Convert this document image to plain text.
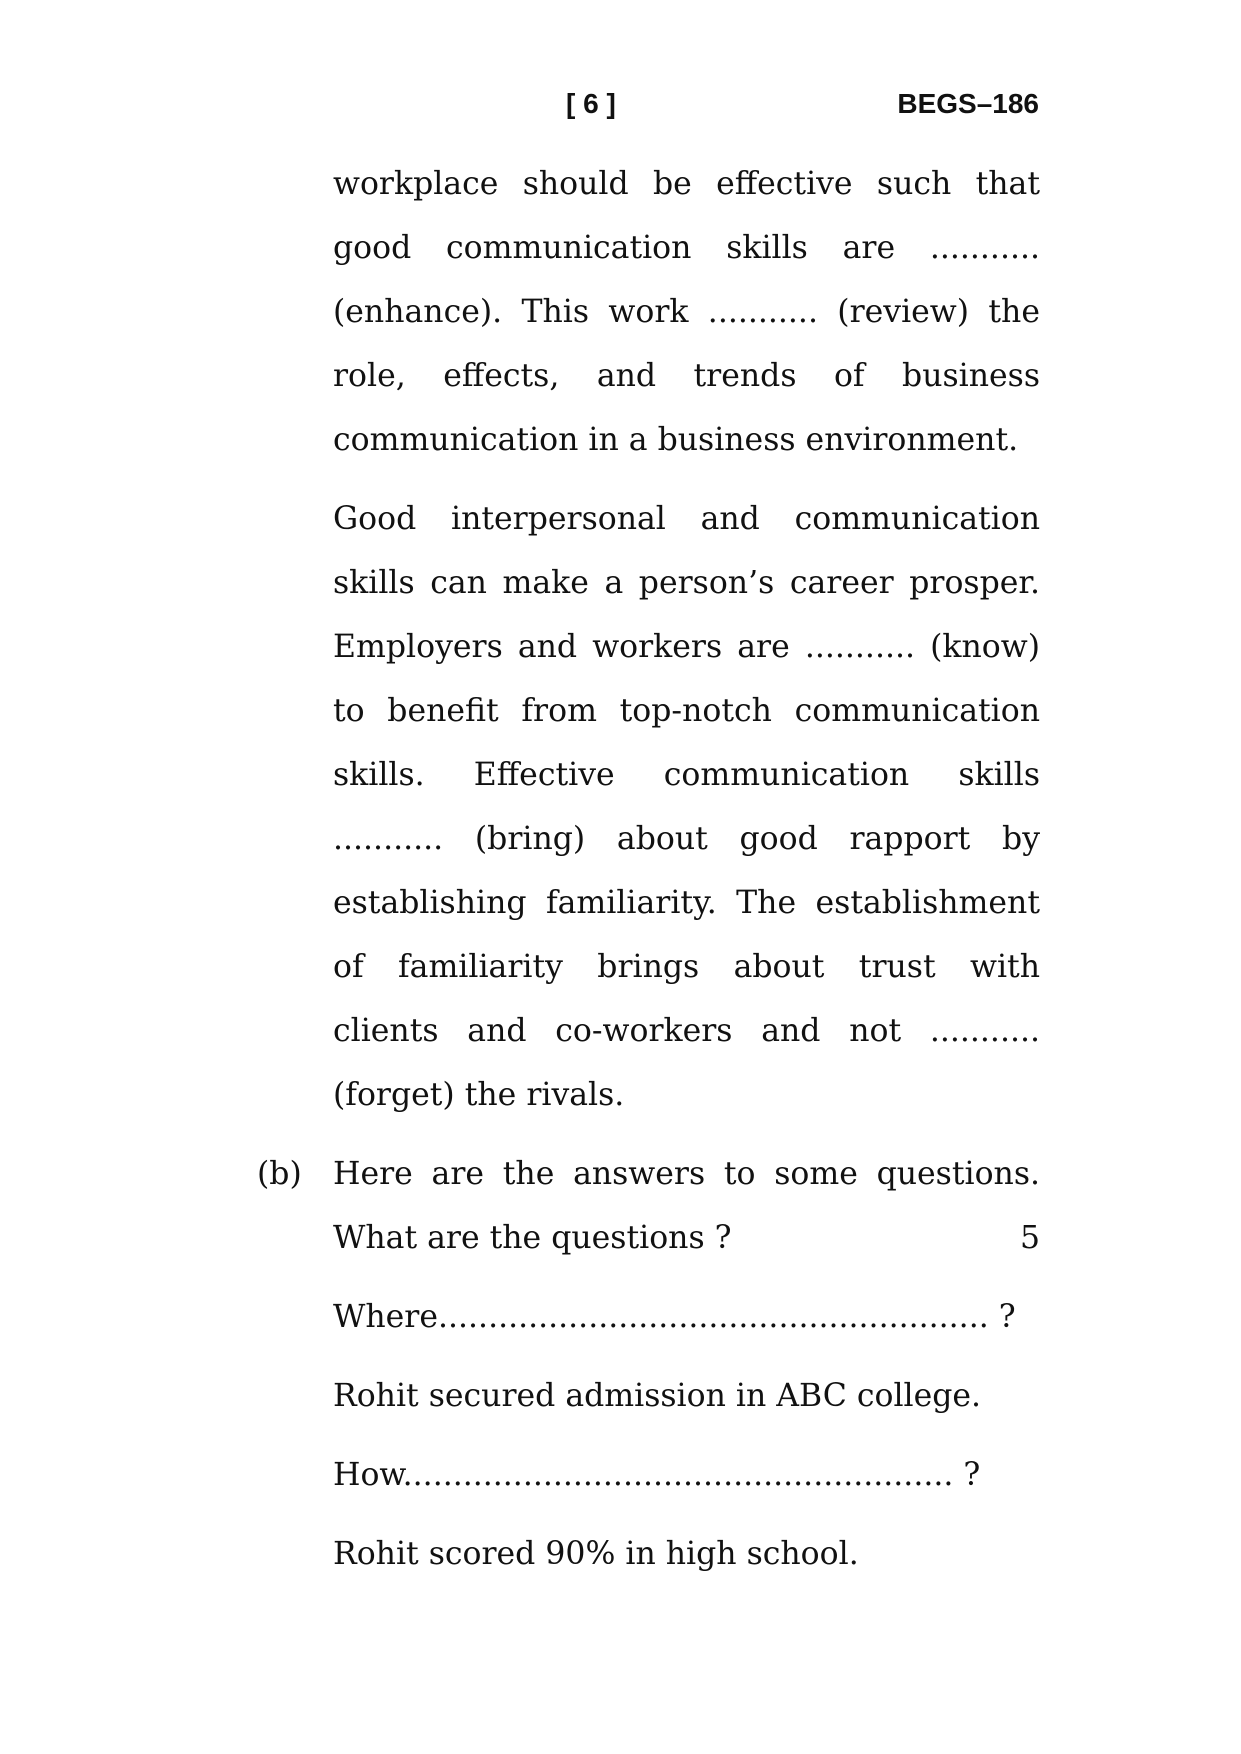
[ 6 ]	BEGS–186

workplace should be effective such that
good communication skills are ...........
(enhance). This work ........... (review) the
role, effects, and trends of business
communication in a business environment.

Good interpersonal and communication
skills can make a person’s career prosper.
Employers and workers are ........... (know)
to benefit from top-notch communication
skills. Effective communication skills
........... (bring) about good rapport by
establishing familiarity. The establishment
of familiarity brings about trust with
clients and co-workers and not ...........
(forget) the rivals.

(b) Here are the answers to some questions.
What are the questions ?	5
Where....................................................... ?
Rohit secured admission in ABC college.
How....................................................... ?
Rohit scored 90% in high school.
